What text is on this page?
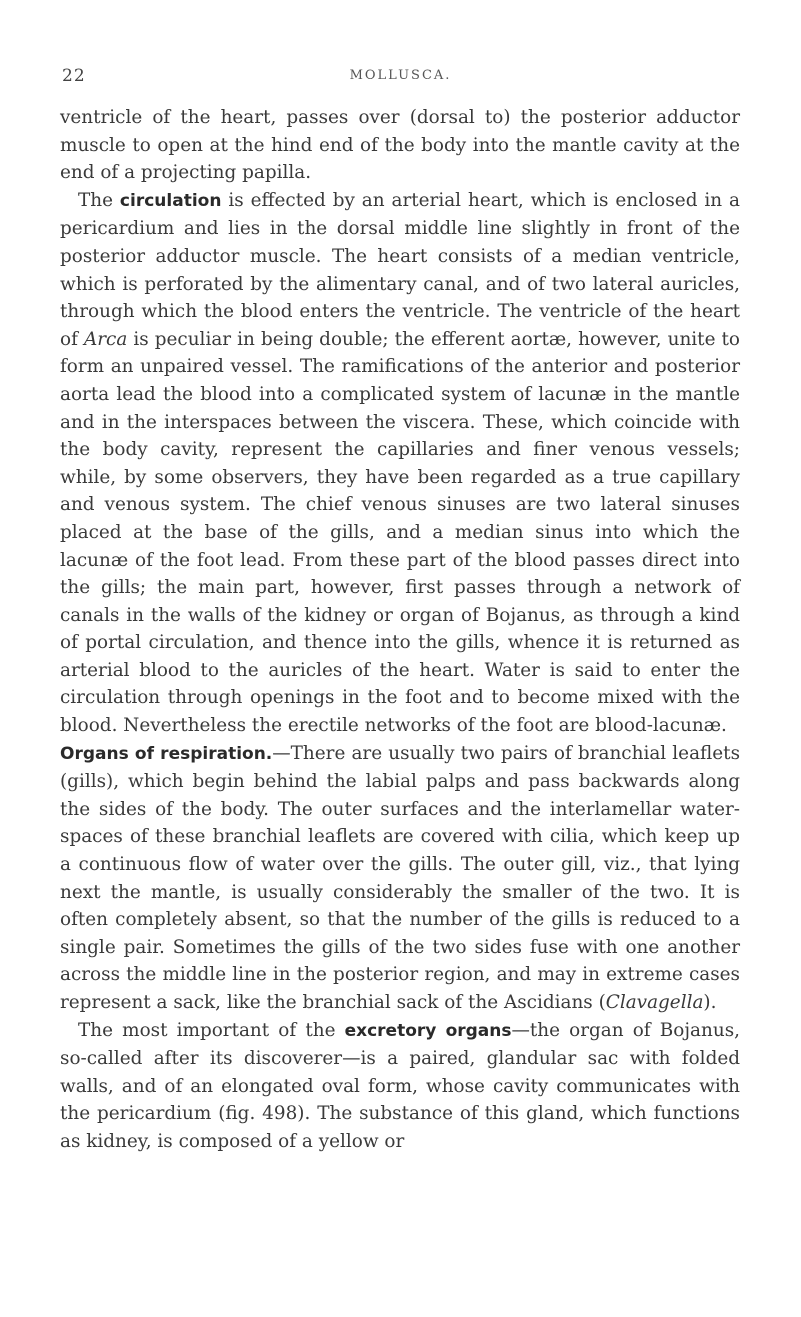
22	MOLLUSCA.

ventricle of the heart, passes over (dorsal to) the posterior adductor muscle to open at the hind end of the body into the mantle cavity at the end of a projecting papilla.

The circulation is effected by an arterial heart, which is enclosed in a pericardium and lies in the dorsal middle line slightly in front of the posterior adductor muscle. The heart consists of a median ventricle, which is perforated by the alimentary canal, and of two lateral auricles, through which the blood enters the ventricle. The ventricle of the heart of Arca is peculiar in being double; the efferent aortæ, however, unite to form an unpaired vessel. The ramifications of the anterior and posterior aorta lead the blood into a complicated system of lacunæ in the mantle and in the interspaces between the viscera. These, which coincide with the body cavity, represent the capillaries and finer venous vessels; while, by some observers, they have been regarded as a true capillary and venous system. The chief venous sinuses are two lateral sinuses placed at the base of the gills, and a median sinus into which the lacunæ of the foot lead. From these part of the blood passes direct into the gills; the main part, however, first passes through a network of canals in the walls of the kidney or organ of Bojanus, as through a kind of portal circulation, and thence into the gills, whence it is returned as arterial blood to the auricles of the heart. Water is said to enter the circulation through openings in the foot and to become mixed with the blood. Nevertheless the erectile networks of the foot are blood-lacunæ.

Organs of respiration.—There are usually two pairs of branchial leaflets (gills), which begin behind the labial palps and pass backwards along the sides of the body. The outer surfaces and the interlamellar water-spaces of these branchial leaflets are covered with cilia, which keep up a continuous flow of water over the gills. The outer gill, viz., that lying next the mantle, is usually considerably the smaller of the two. It is often completely absent, so that the number of the gills is reduced to a single pair. Sometimes the gills of the two sides fuse with one another across the middle line in the posterior region, and may in extreme cases represent a sack, like the branchial sack of the Ascidians (Clavagella).

The most important of the excretory organs—the organ of Bojanus, so-called after its discoverer—is a paired, glandular sac with folded walls, and of an elongated oval form, whose cavity communicates with the pericardium (fig. 498). The substance of this gland, which functions as kidney, is composed of a yellow or
